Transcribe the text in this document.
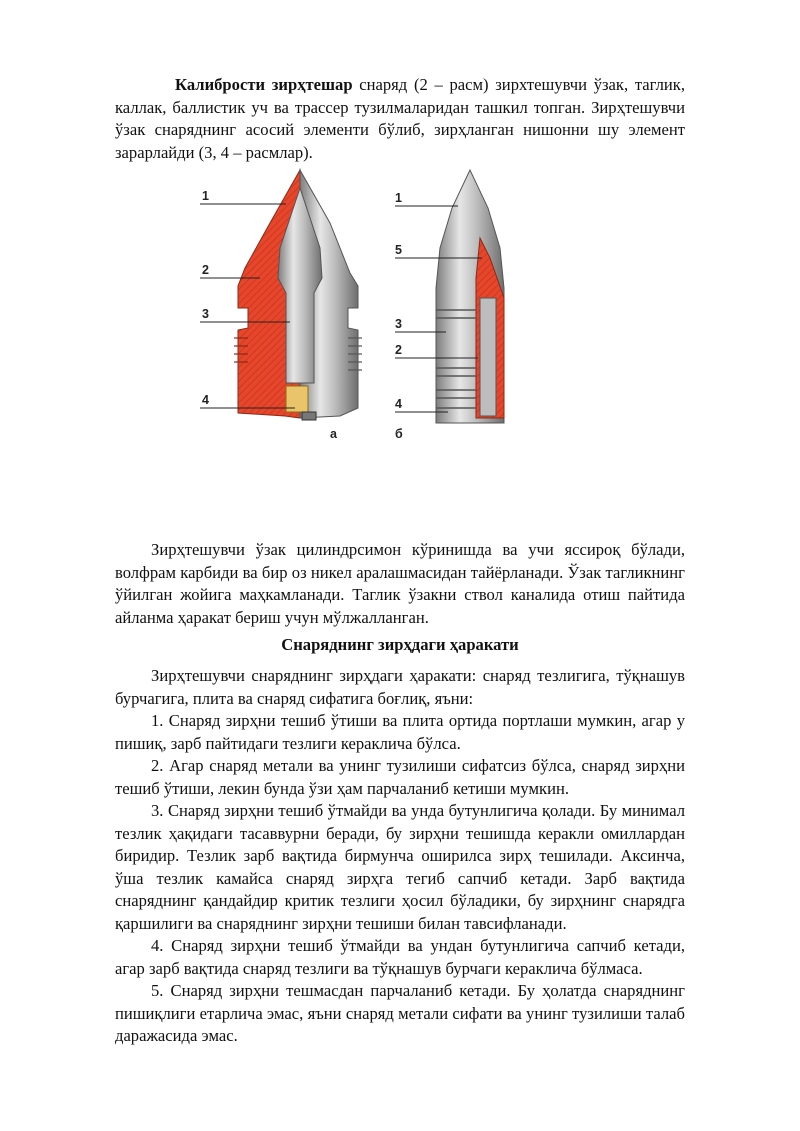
Калибрости зирҳтешар снаряд (2 – расм) зирхтешувчи ўзак, таглик, каллак, баллистик уч ва трассер тузилмаларидан ташкил топган. Зирҳтешувчи ўзак снаряднинг асосий элементи бўлиб, зирҳланган нишонни шу элемент зарарлайди (3, 4 – расмлар).

1
2
3
4
а
1
5
3
2
4
б

Зирҳтешувчи ўзак цилиндрсимон кўринишда ва учи яссироқ бўлади, волфрам карбиди ва бир оз никел аралашмасидан тайёрланади. Ўзак тагликнинг ўйилган жойига маҳкамланади. Таглик ўзакни ствол каналида отиш пайтида айланма ҳаракат бериш учун мўлжалланган.

Снаряднинг зирҳдаги ҳаракати

Зирҳтешувчи снаряднинг зирҳдаги ҳаракати: снаряд тезлигига, тўқнашув бурчагига, плита ва снаряд сифатига боғлиқ, яъни:

1. Снаряд зирҳни тешиб ўтиши ва плита ортида портлаши мумкин, агар у пишиқ, зарб пайтидаги тезлиги кераклича бўлса.

2. Агар снаряд метали ва унинг тузилиши сифатсиз бўлса, снаряд зирҳни тешиб ўтиши, лекин бунда ўзи ҳам парчаланиб кетиши мумкин.

3. Снаряд зирҳни тешиб ўтмайди ва унда бутунлигича қолади. Бу минимал тезлик ҳақидаги тасаввурни беради, бу зирҳни тешишда керакли омиллардан биридир. Тезлик зарб вақтида бирмунча оширилса зирҳ тешилади. Аксинча, ўша тезлик камайса снаряд зирҳга тегиб сапчиб кетади. Зарб вақтида снаряднинг қандайдир критик тезлиги ҳосил бўладики, бу зирҳнинг снарядга қаршилиги ва снаряднинг зирҳни тешиши билан тавсифланади.

4. Снаряд зирҳни тешиб ўтмайди ва ундан бутунлигича сапчиб кетади, агар зарб вақтида снаряд тезлиги ва тўқнашув бурчаги кераклича бўлмаса.

5. Снаряд зирҳни тешмасдан парчаланиб кетади. Бу ҳолатда снаряднинг пишиқлиги етарлича эмас, яъни снаряд метали сифати ва унинг тузилиши талаб даражасида эмас.
